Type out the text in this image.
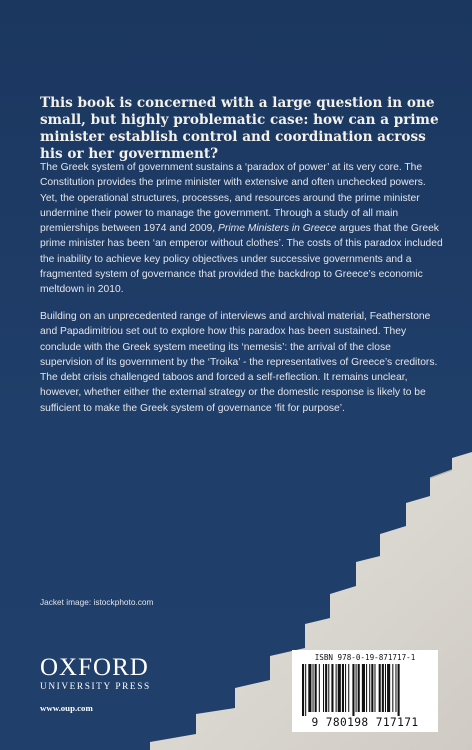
This book is concerned with a large question in one small, but highly problematic case: how can a prime minister establish control and coordination across his or her government?

The Greek system of government sustains a ‘paradox of power’ at its very core. The Constitution provides the prime minister with extensive and often unchecked powers. Yet, the operational structures, processes, and resources around the prime minister undermine their power to manage the government. Through a study of all main premierships between 1974 and 2009, Prime Ministers in Greece argues that the Greek prime minister has been ‘an emperor without clothes’. The costs of this paradox included the inability to achieve key policy objectives under successive governments and a fragmented system of governance that provided the backdrop to Greece’s economic meltdown in 2010.

Building on an unprecedented range of interviews and archival material, Featherstone and Papadimitriou set out to explore how this paradox has been sustained. They conclude with the Greek system meeting its ‘nemesis’: the arrival of the close supervision of its government by the ‘Troika’ - the representatives of Greece’s creditors. The debt crisis challenged taboos and forced a self-reflection. It remains unclear, however, whether either the external strategy or the domestic response is likely to be sufficient to make the Greek system of governance ‘fit for purpose’.

Jacket image: istockphoto.com

OXFORD
UNIVERSITY PRESS

www.oup.com

ISBN 978-0-19-871717-1

9 780198 717171
